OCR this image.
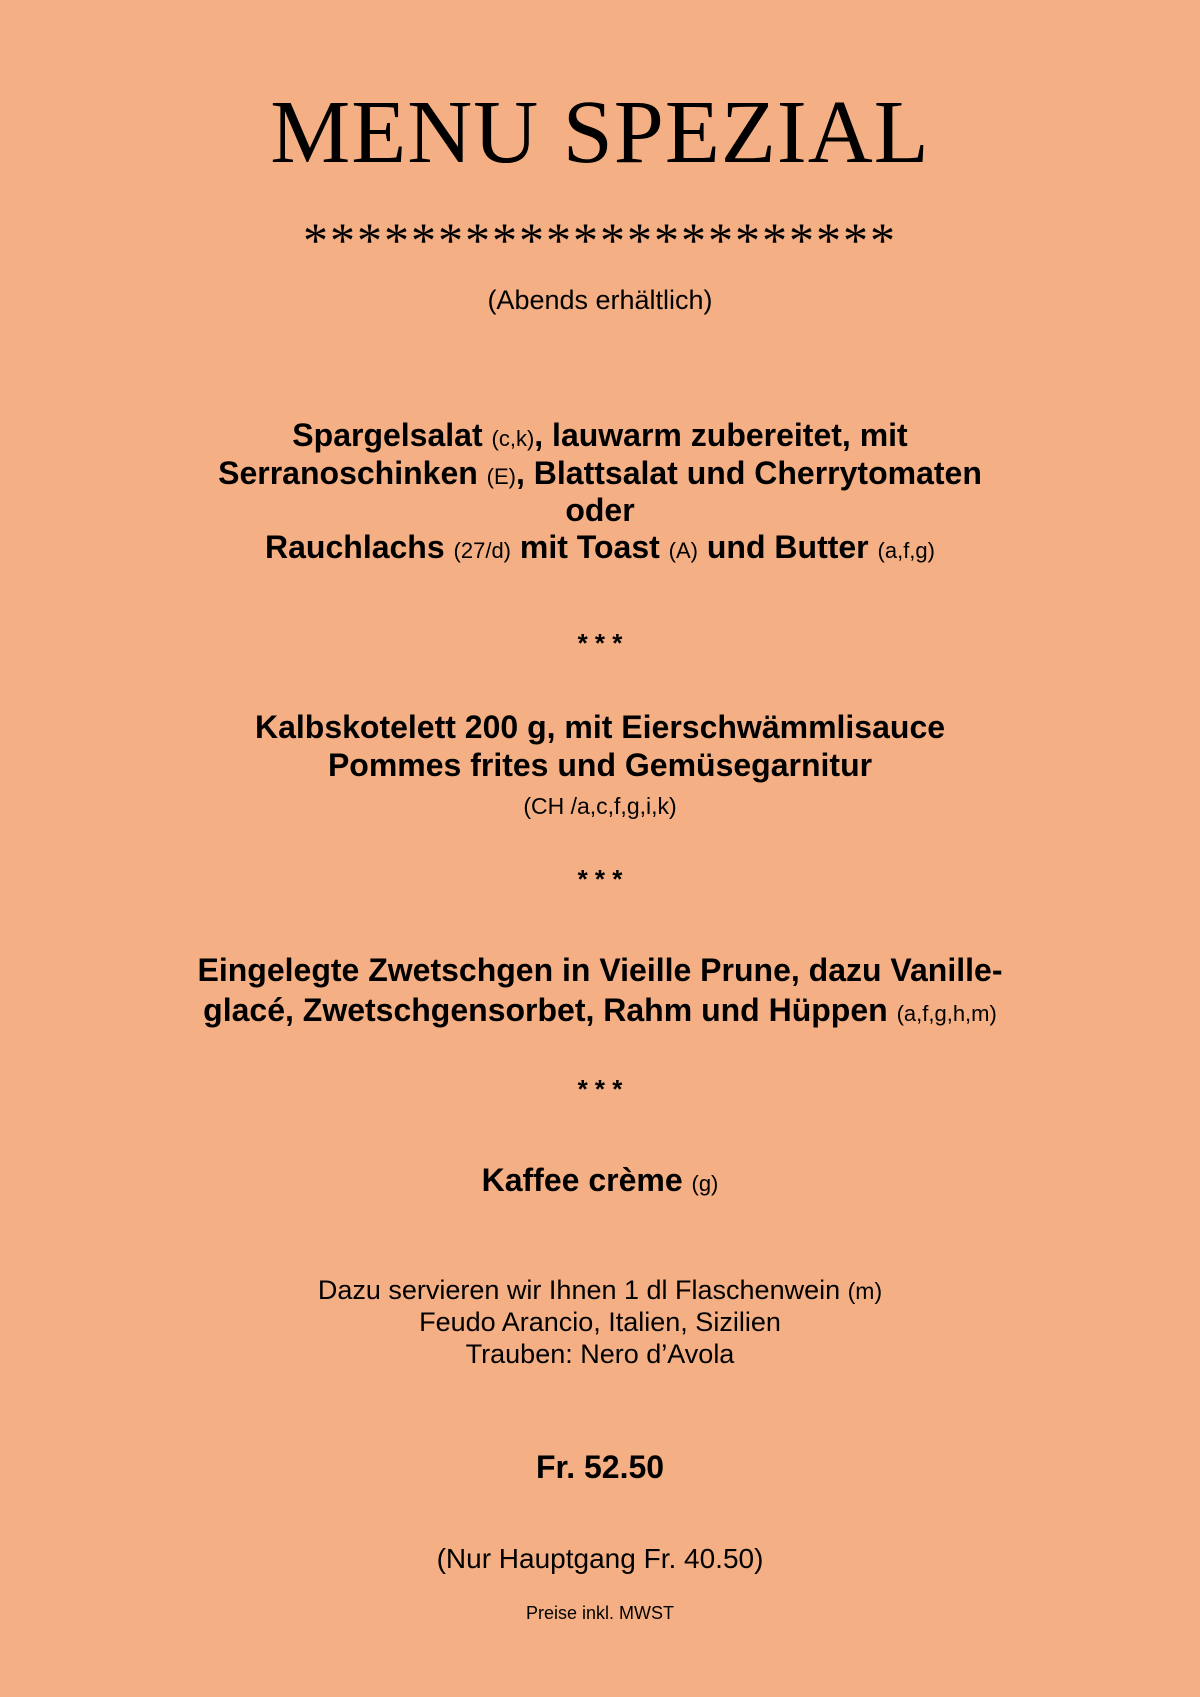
MENU SPEZIAL
**********************
(Abends erhältlich)
Spargelsalat (c,k), lauwarm zubereitet, mit
Serranoschinken (E), Blattsalat und Cherrytomaten
oder
Rauchlachs (27/d) mit Toast (A) und Butter (a,f,g)
* * *
Kalbskotelett 200 g, mit Eierschwämmlisauce
Pommes frites und Gemüsegarnitur
(CH /a,c,f,g,i,k)
* * *
Eingelegte Zwetschgen in Vieille Prune, dazu Vanille-
glacé, Zwetschgensorbet, Rahm und Hüppen (a,f,g,h,m)
* * *
Kaffee crème (g)
Dazu servieren wir Ihnen 1 dl Flaschenwein (m)
Feudo Arancio, Italien, Sizilien
Trauben: Nero d’Avola
Fr. 52.50
(Nur Hauptgang Fr. 40.50)
Preise inkl. MWST
